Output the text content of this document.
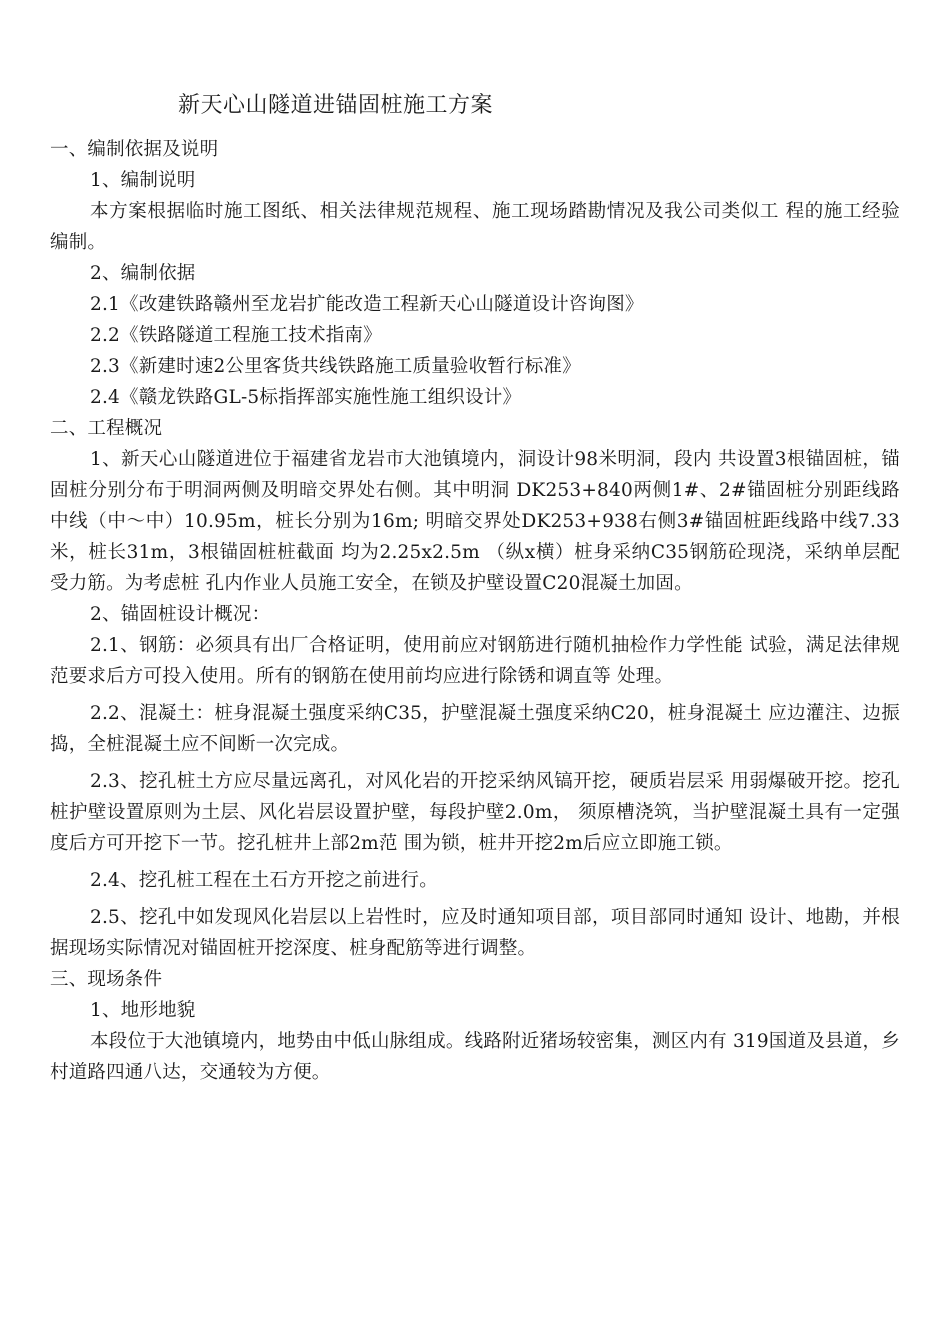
新天心山隧道进锚固桩施工方案

一、编制依据及说明

1、编制说明

本方案根据临时施工图纸、相关法律规范规程、施工现场踏勘情况及我公司类似工 程的施工经验编制。

2、编制依据

2.1《改建铁路赣州至龙岩扩能改造工程新天心山隧道设计咨询图》

2.2《铁路隧道工程施工技术指南》

2.3《新建时速2公里客货共线铁路施工质量验收暂行标准》

2.4《赣龙铁路GL-5标指挥部实施性施工组织设计》

二、工程概况

1、新天心山隧道进位于福建省龙岩市大池镇境内，洞设计98米明洞，段内 共设置3根锚固桩，锚固桩分别分布于明洞两侧及明暗交界处右侧。其中明洞 DK253+840两侧1#、2#锚固桩分别距线路中线（中～中）10.95m，桩长分别为16m; 明暗交界处DK253+938右侧3#锚固桩距线路中线7.33米，桩长31m，3根锚固桩桩截面 均为2.25x2.5m （纵x横）桩身采纳C35钢筋砼现浇，采纳单层配受力筋。为考虑桩 孔内作业人员施工安全，在锁及护壁设置C20混凝土加固。

2、锚固桩设计概况：

2.1、钢筋：必须具有出厂合格证明，使用前应对钢筋进行随机抽检作力学性能 试验，满足法律规范要求后方可投入使用。所有的钢筋在使用前均应进行除锈和调直等 处理。

2.2、混凝土：桩身混凝土强度采纳C35，护壁混凝土强度采纳C20，桩身混凝土 应边灌注、边振捣，全桩混凝土应不间断一次完成。

2.3、挖孔桩土方应尽量远离孔，对风化岩的开挖采纳风镐开挖，硬质岩层采 用弱爆破开挖。挖孔桩护壁设置原则为土层、风化岩层设置护壁，每段护壁2.0m， 须原槽浇筑，当护壁混凝土具有一定强度后方可开挖下一节。挖孔桩井上部2m范 围为锁，桩井开挖2m后应立即施工锁。

2.4、挖孔桩工程在土石方开挖之前进行。

2.5、挖孔中如发现风化岩层以上岩性时，应及时通知项目部，项目部同时通知 设计、地勘，并根据现场实际情况对锚固桩开挖深度、桩身配筋等进行调整。

三、现场条件

1、地形地貌

本段位于大池镇境内，地势由中低山脉组成。线路附近猪场较密集，测区内有 319国道及县道，乡村道路四通八达，交通较为方便。
